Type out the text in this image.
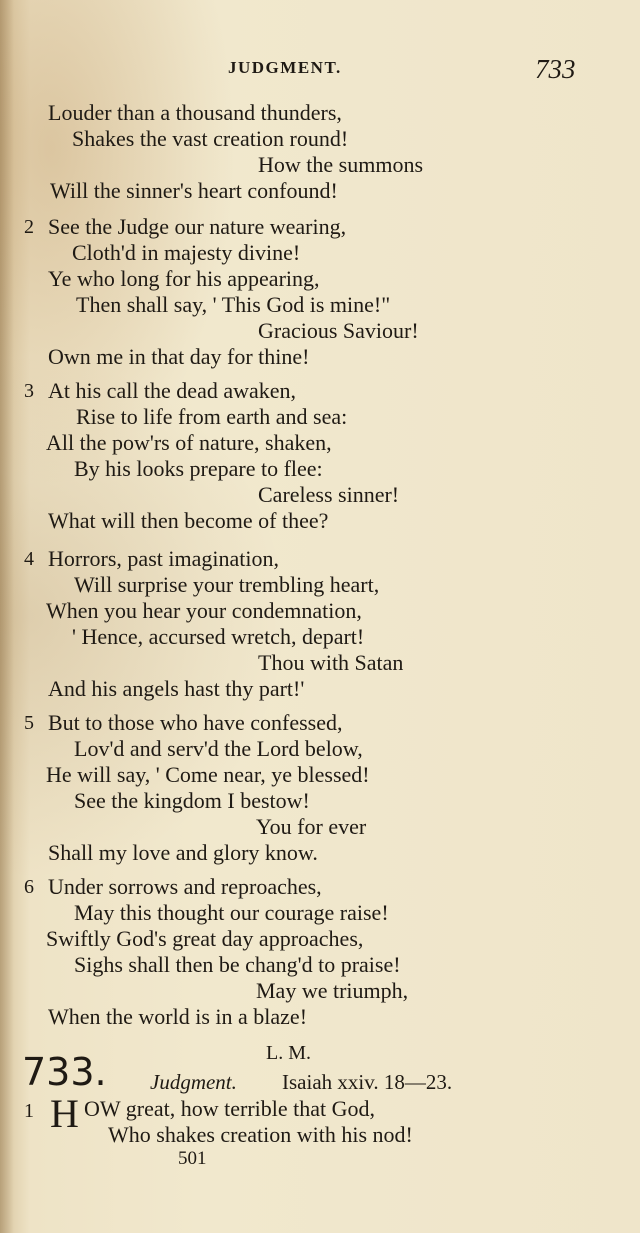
JUDGMENT.	733
Louder than a thousand thunders,
Shakes the vast creation round!
How the summons
Will the sinner's heart confound!
2 See the Judge our nature wearing,
Cloth'd in majesty divine!
Ye who long for his appearing,
Then shall say, ' This God is mine!"
Gracious Saviour!
Own me in that day for thine!
3 At his call the dead awaken,
Rise to life from earth and sea:
All the pow'rs of nature, shaken,
By his looks prepare to flee:
Careless sinner!
What will then become of thee?
4 Horrors, past imagination,
Will surprise your trembling heart,
When you hear your condemnation,
' Hence, accursed wretch, depart!
Thou with Satan
And his angels hast thy part!'
5 But to those who have confessed,
Lov'd and serv'd the Lord below,
He will say, ' Come near, ye blessed!
See the kingdom I bestow!
You for ever
Shall my love and glory know.
6 Under sorrows and reproaches,
May this thought our courage raise!
Swiftly God's great day approaches,
Sighs shall then be chang'd to praise!
May we triumph,
When the world is in a blaze!
733.	L. M.
Judgment. Isaiah xxiv. 18—23.
1 H OW great, how terrible that God,
Who shakes creation with his nod!
501
